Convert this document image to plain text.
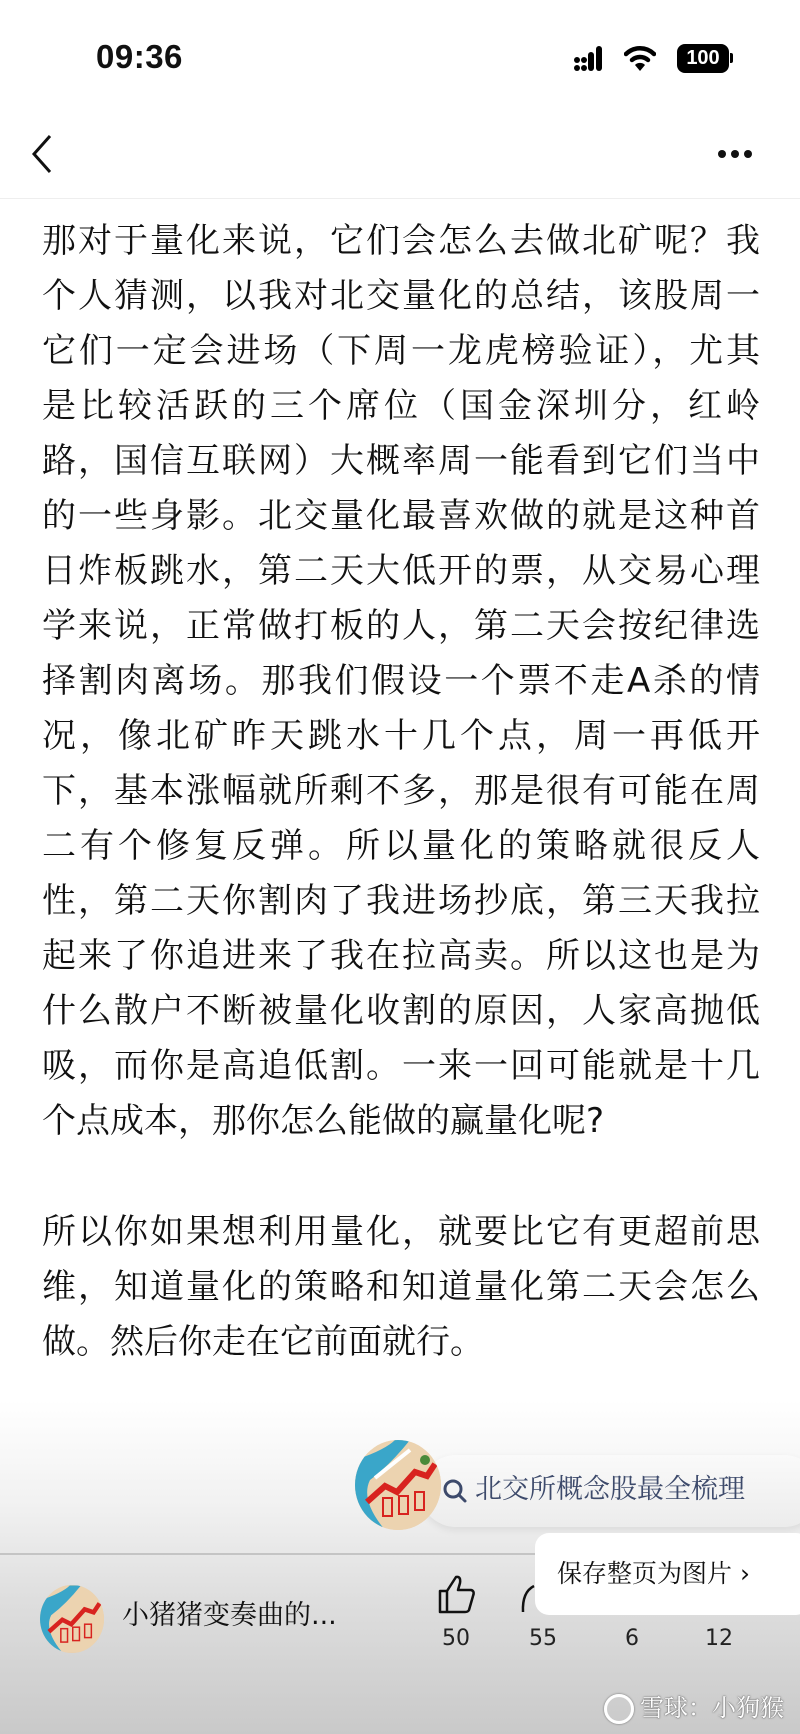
09:36	100
那对于量化来说，它们会怎么去做北矿呢？我
个人猜测，以我对北交量化的总结，该股周一
它们一定会进场（下周一龙虎榜验证），尤其
是比较活跃的三个席位（国金深圳分，红岭
路，国信互联网）大概率周一能看到它们当中
的一些身影。北交量化最喜欢做的就是这种首
日炸板跳水，第二天大低开的票，从交易心理
学来说，正常做打板的人，第二天会按纪律选
择割肉离场。那我们假设一个票不走A杀的情
况，像北矿昨天跳水十几个点，周一再低开
下，基本涨幅就所剩不多，那是很有可能在周
二有个修复反弹。所以量化的策略就很反人
性，第二天你割肉了我进场抄底，第三天我拉
起来了你追进来了我在拉高卖。所以这也是为
什么散户不断被量化收割的原因，人家高抛低
吸，而你是高追低割。一来一回可能就是十几
个点成本，那你怎么能做的赢量化呢?
所以你如果想利用量化，就要比它有更超前思
维，知道量化的策略和知道量化第二天会怎么
做。然后你走在它前面就行。
北交所概念股最全梳理
小猪猪变奏曲的...
50	55	6	12
保存整页为图片 ›
雪球：小狗猴
